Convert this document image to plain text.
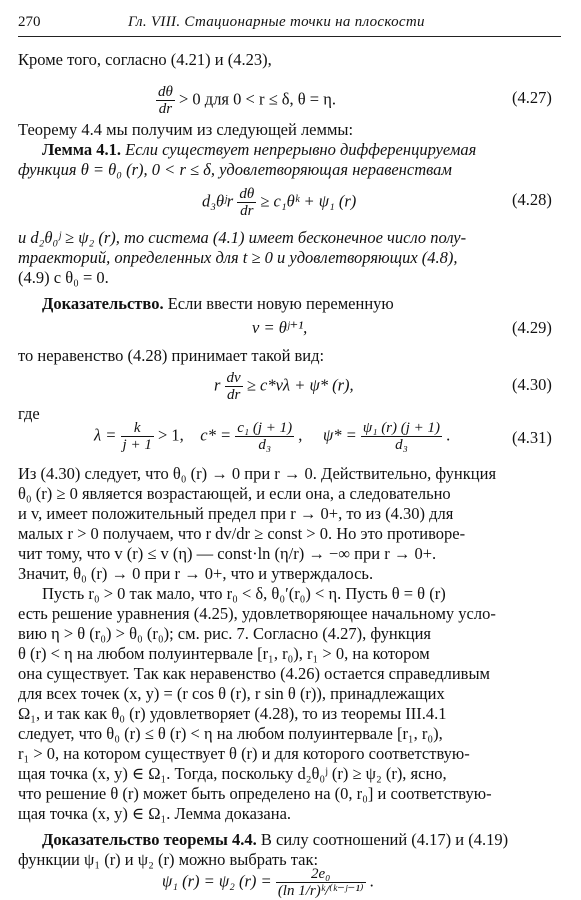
270	Гл. VIII. Стационарные точки на плоскости
Кроме того, согласно (4.21) и (4.23),
$\frac{d\theta}{dr} > 0$ для 0 < r ≤ δ, θ = η.	(4.27)
Теорему 4.4 мы получим из следующей леммы:
Лемма 4.1. Если существует непрерывно дифференцируемая
функция θ = θ₀ (r), 0 < r ≤ δ, удовлетворяющая неравенствам
d₃θʲr $\frac{d\theta}{dr}$ ≥ c₁θᵏ + ψ₁ (r)	(4.28)
и d₂θ₀ʲ ≥ ψ₂ (r), то система (4.1) имеет бесконечное число полу-
траекторий, определенных для t ≥ 0 и удовлетворяющих (4.8),
(4.9) с θ₀ = 0.
Доказательство. Если ввести новую переменную
v = θʲ⁺¹,	(4.29)
то неравенство (4.28) принимает такой вид:
r $\frac{dv}{dr} \ge c*v\lambda + \psi*$ (r),	(4.30)
где
$\lambda = \frac{k}{j + 1} > 1$, $c* = \frac{\text{c₁ (j + 1)}}{\text{d₃}}$ , $\psi* = \frac{\text{ψ₁ (r) (j + 1)}}{\text{d₃}}$ .	(4.31)
Из (4.30) следует, что θ₀ (r) → 0 при r → 0. Действительно, функция
θ₀ (r) ≥ 0 является возрастающей, и если она, а следовательно
и v, имеет положительный предел при r → 0+, то из (4.30) для
малых r > 0 получаем, что r dv/dr ≥ const > 0. Но это противоре-
чит тому, что v (r) ≤ v (η) — const·ln (η/r) → −∞ при r → 0+.
Значит, θ₀ (r) → 0 при r → 0+, что и утверждалось.
Пусть r₀ > 0 так мало, что r₀ < δ, θ₀′(r₀) < η. Пусть θ = θ (r)
есть решение уравнения (4.25), удовлетворяющее начальному усло-
вию η > θ (r₀) > θ₀ (r₀); см. рис. 7. Согласно (4.27), функция
θ (r) < η на любом полуинтервале [r₁, r₀), r₁ > 0, на котором
она существует. Так как неравенство (4.26) остается справедливым
для всех точек (x, y) = (r cos θ (r), r sin θ (r)), принадлежащих
Ω₁, и так как θ₀ (r) удовлетворяет (4.28), то из теоремы III.4.1
следует, что θ₀ (r) ≤ θ (r) < η на любом полуинтервале [r₁, r₀),
r₁ > 0, на котором существует θ (r) и для которого соответствую-
щая точка (x, y) ∈ Ω₁. Тогда, поскольку d₂θ₀ʲ (r) ≥ ψ₂ (r), ясно,
что решение θ (r) может быть определено на (0, r₀] и соответствую-
щая точка (x, y) ∈ Ω₁. Лемма доказана.
Доказательство теоремы 4.4. В силу соотношений (4.17) и (4.19)
функции ψ₁ (r) и ψ₂ (r) можно выбрать так:
ψ₁ (r) = ψ₂ $(r) = \frac{\text{2e₀}}{\text{(ln 1/r)ᵏ/⁽ᵏ⁻ʲ⁻¹⁾}}$ .
